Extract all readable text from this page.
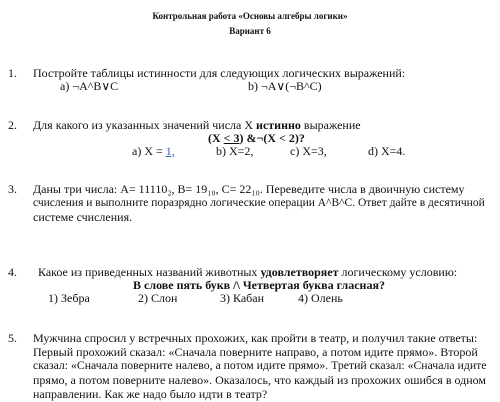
Контрольная работа «Основы алгебры логики»
Вариант 6
1. Постройте таблицы истинности для следующих логических выражений:
а) ¬A^B∨C	b) ¬A∨(¬B^C)
2. Для какого из указанных значений числа Х истинно выражение
(X < 3) &¬(X < 2)?
a) X = 1,	b) X=2,	c) X=3,	d) X=4.
3. Даны три числа: A= 11110₂, B= 19₁₀, C= 22₁₀. Переведите числа в двоичную систему
счисления и выполните поразрядно логические операции A^B^C. Ответ дайте в десятичной
системе счисления.
4. Какое из приведенных названий животных удовлетворяет логическому условию:
В слове пять букв /\ Четвертая буква гласная?
1) Зебра	2) Слон	3) Кабан	4) Олень
5. Мужчина спросил у встречных прохожих, как пройти в театр, и получил такие ответы:
Первый прохожий сказал: «Сначала поверните направо, а потом идите прямо». Второй
сказал: «Сначала поверните налево, а потом идите прямо». Третий сказал: «Сначала идите
прямо, а потом поверните налево». Оказалось, что каждый из прохожих ошибся в одном
направлении. Как же надо было идти в театр?
